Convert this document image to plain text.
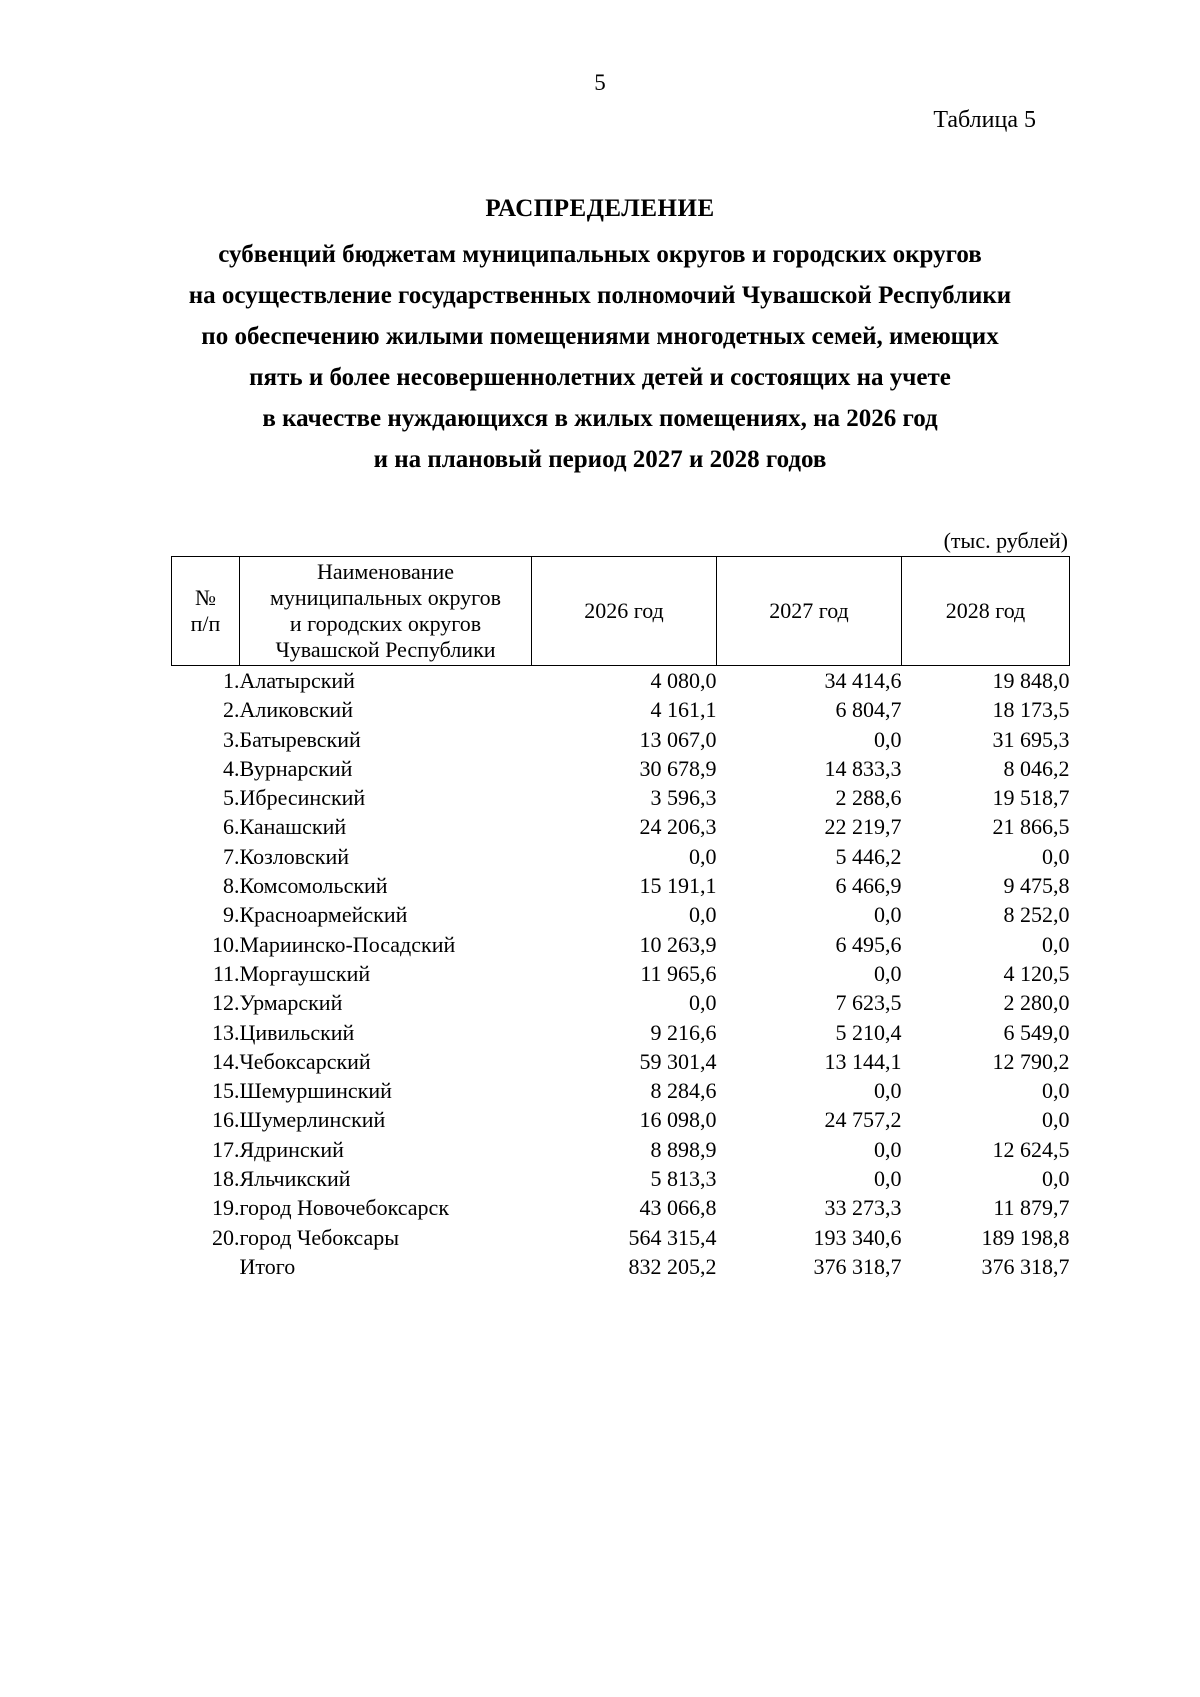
5
Таблица 5
РАСПРЕДЕЛЕНИЕ
субвенций бюджетам муниципальных округов и городских округов
на осуществление государственных полномочий Чувашской Республики
по обеспечению жилыми помещениями многодетных семей, имеющих
пять и более несовершеннолетних детей и состоящих на учете
в качестве нуждающихся в жилых помещениях, на 2026 год
и на плановый период 2027 и 2028 годов
(тыс. рублей)
№
п/п	Наименование
муниципальных округов
и городских округов
Чувашской Республики	2026 год	2027 год	2028 год
1.	Алатырский	4 080,0	34 414,6	19 848,0
2.	Аликовский	4 161,1	6 804,7	18 173,5
3.	Батыревский	13 067,0	0,0	31 695,3
4.	Вурнарский	30 678,9	14 833,3	8 046,2
5.	Ибресинский	3 596,3	2 288,6	19 518,7
6.	Канашский	24 206,3	22 219,7	21 866,5
7.	Козловский	0,0	5 446,2	0,0
8.	Комсомольский	15 191,1	6 466,9	9 475,8
9.	Красноармейский	0,0	0,0	8 252,0
10.	Мариинско-Посадский	10 263,9	6 495,6	0,0
11.	Моргаушский	11 965,6	0,0	4 120,5
12.	Урмарский	0,0	7 623,5	2 280,0
13.	Цивильский	9 216,6	5 210,4	6 549,0
14.	Чебоксарский	59 301,4	13 144,1	12 790,2
15.	Шемуршинский	8 284,6	0,0	0,0
16.	Шумерлинский	16 098,0	24 757,2	0,0
17.	Ядринский	8 898,9	0,0	12 624,5
18.	Яльчикский	5 813,3	0,0	0,0
19.	город Новочебоксарск	43 066,8	33 273,3	11 879,7
20.	город Чебоксары	564 315,4	193 340,6	189 198,8
	Итого	832 205,2	376 318,7	376 318,7
